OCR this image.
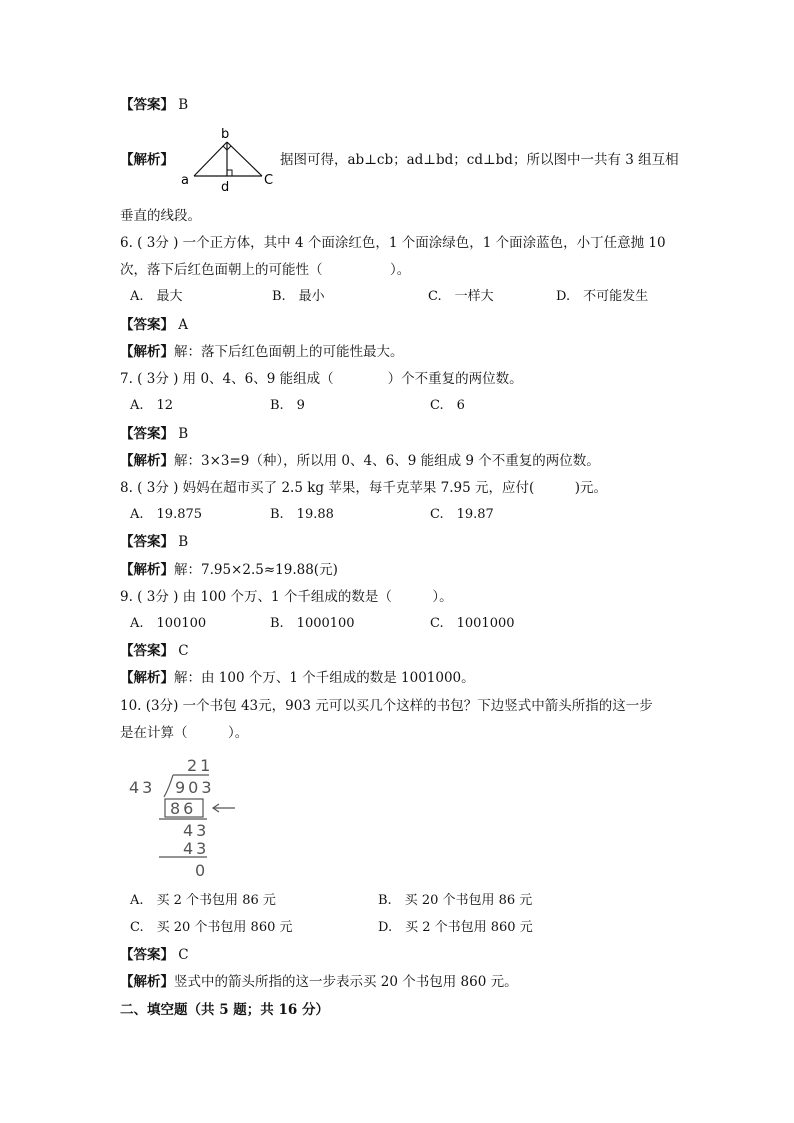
【答案】 B
【解析】
a
b
C
d
据图可得，ab⊥cb；ad⊥bd；cd⊥bd；所以图中一共有 3 组互相
垂直的线段。
6. ( 3分 ) 一个正方体，其中 4 个面涂红色，1 个面涂绿色，1 个面涂蓝色，小丁任意抛 10
次，落下后红色面朝上的可能性（　　　　　）。
A.　最大	B.　最小	C.　一样大	D.　不可能发生
【答案】 A
【解析】解：落下后红色面朝上的可能性最大。
7. ( 3分 ) 用 0、4、6、9 能组成（　　　　）个不重复的两位数。
A.　12	B.　9	C.　6
【答案】 B
【解析】解：3×3=9（种），所以用 0、4、6、9 能组成 9 个不重复的两位数。
8. ( 3分 ) 妈妈在超市买了 2.5 kg 苹果，每千克苹果 7.95 元，应付(　　　)元。
A.　19.875	B.　19.88	C.　19.87
【答案】 B
【解析】解：7.95×2.5≈19.88(元)
9. ( 3分 ) 由 100 个万、1 个千组成的数是（　　　）。
A.　100100	B.　1000100	C.　1001000
【答案】 C
【解析】解：由 100 个万、1 个千组成的数是 1001000。
10. (3分) 一个书包 43元，903 元可以买几个这样的书包？下边竖式中箭头所指的这一步
是在计算（　　　）。
21
43 903
86
43
43
0
A.　买 2 个书包用 86 元	B.　买 20 个书包用 86 元
C.　买 20 个书包用 860 元	D.　买 2 个书包用 860 元
【答案】 C
【解析】竖式中的箭头所指的这一步表示买 20 个书包用 860 元。
二、填空题（共 5 题；共 16 分）
